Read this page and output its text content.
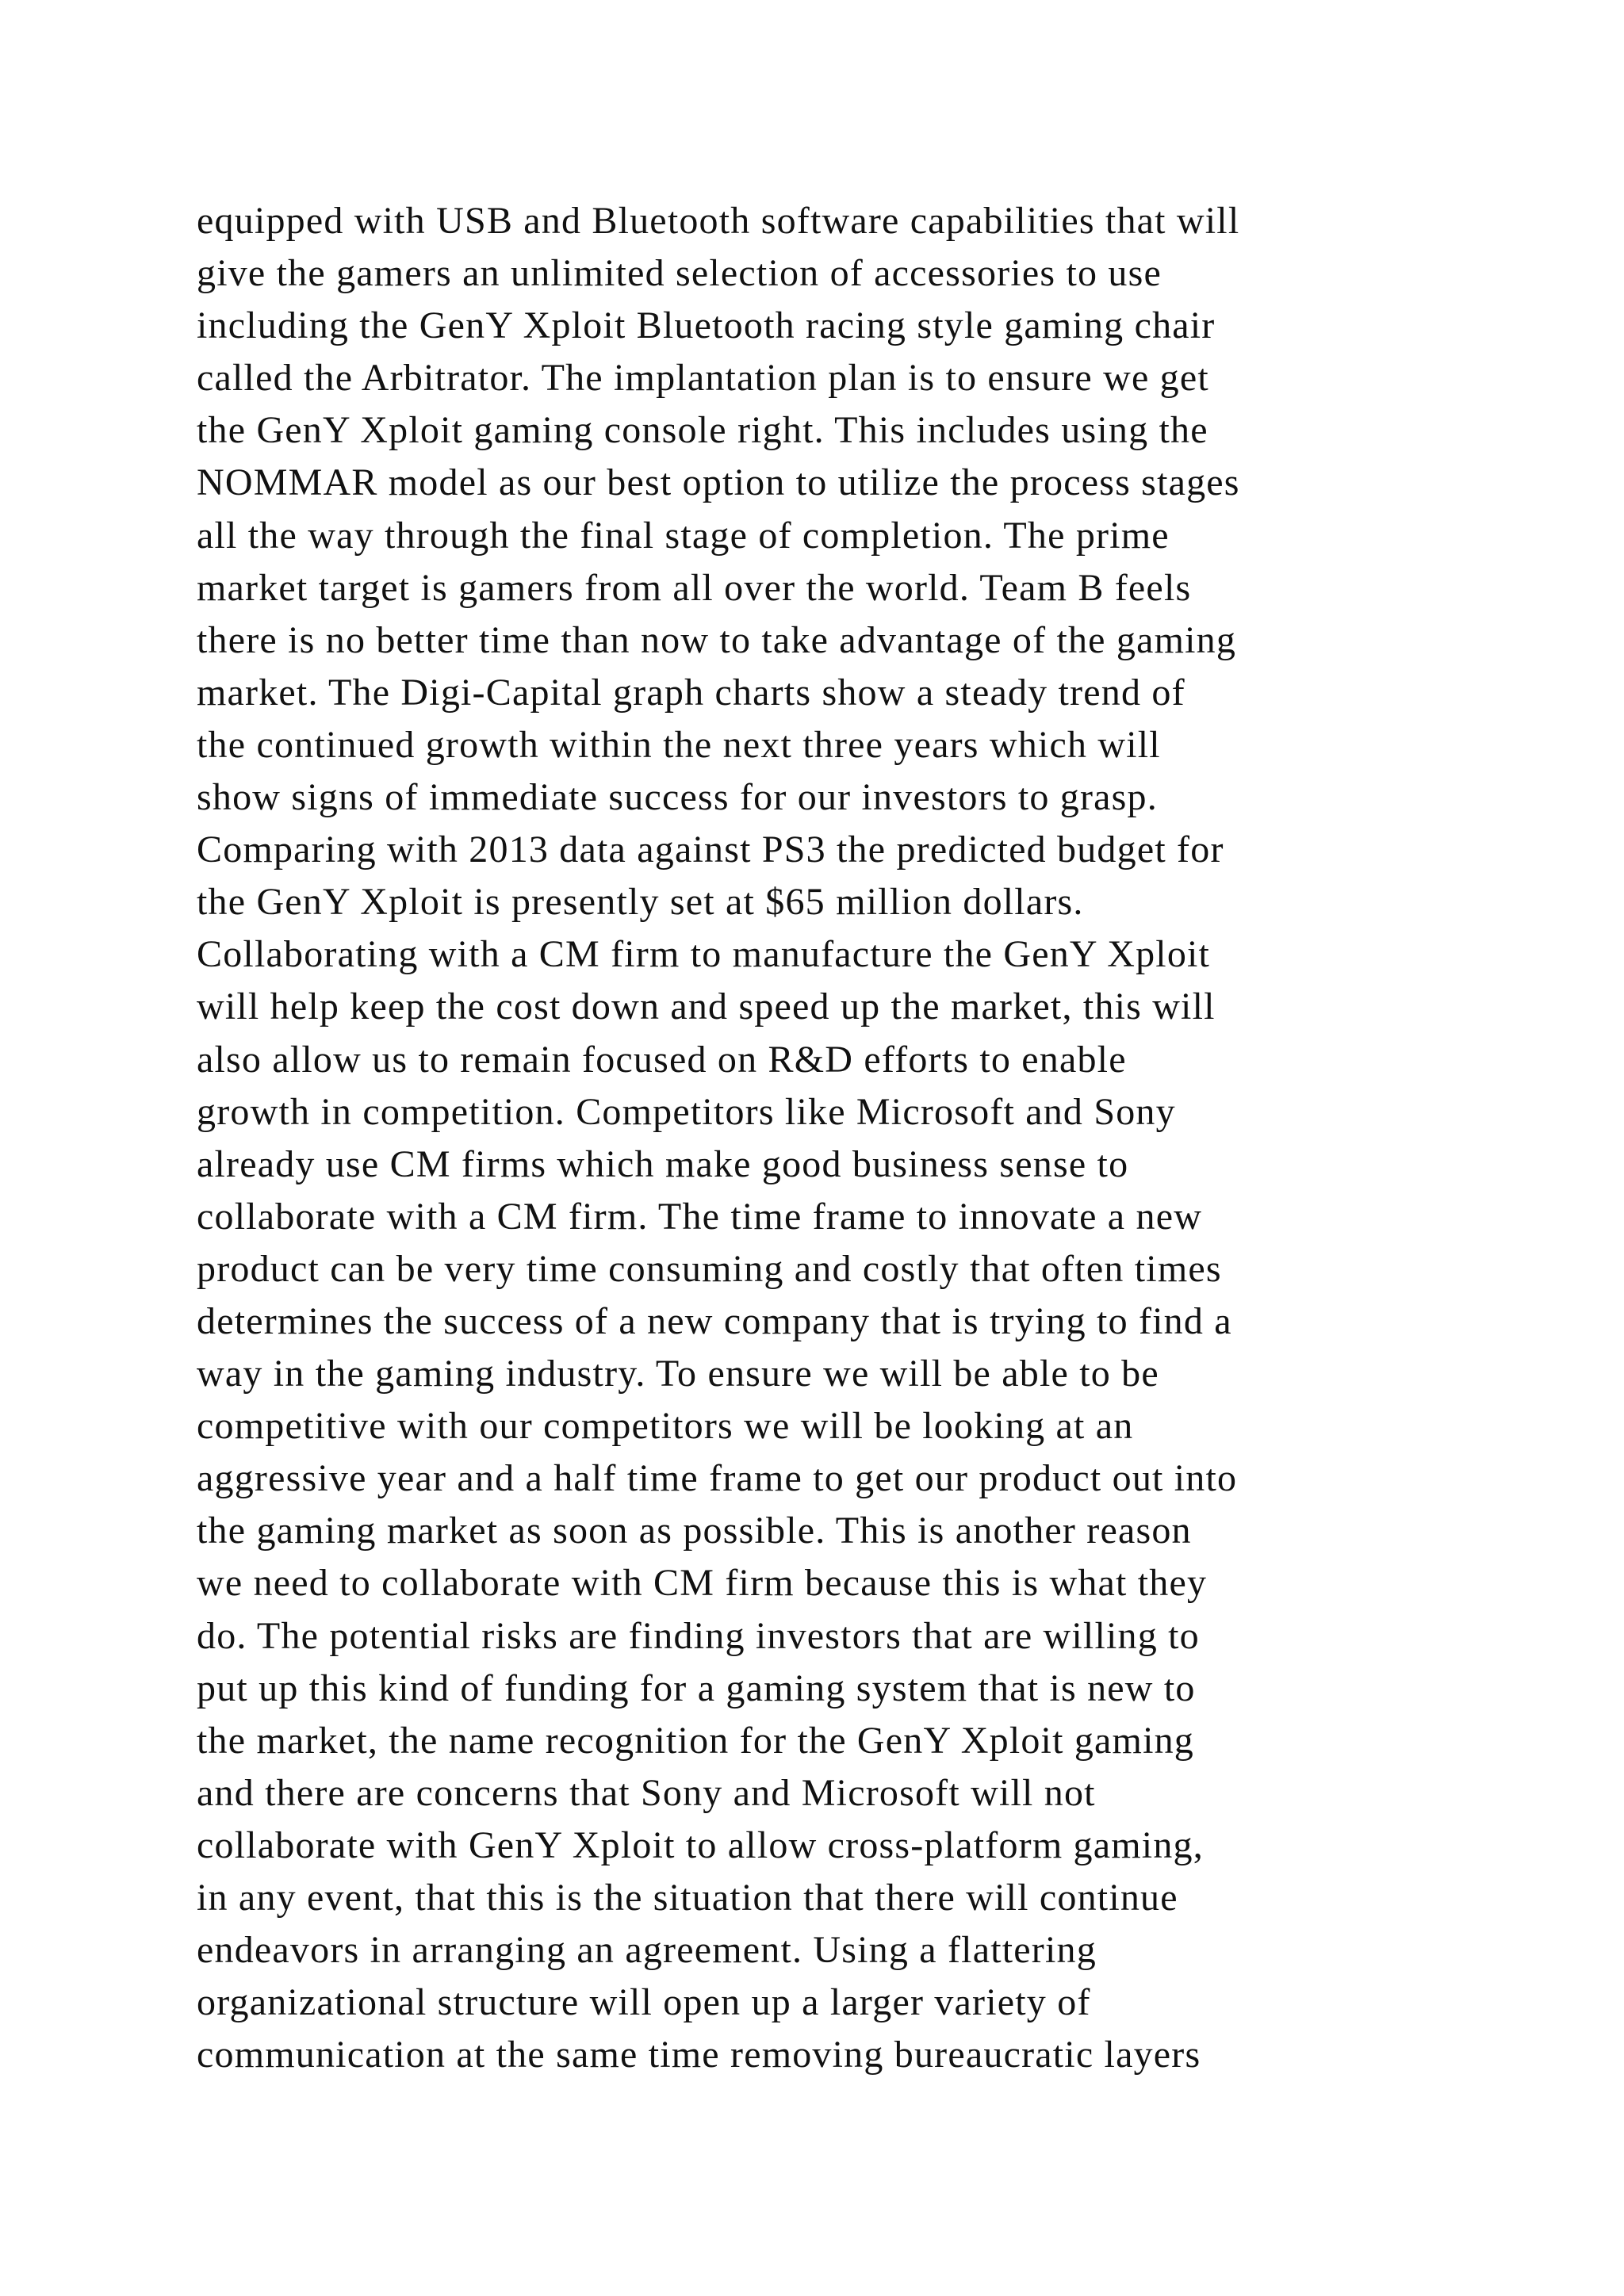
equipped with USB and Bluetooth software capabilities that will
give the gamers an unlimited selection of accessories to use
including the GenY Xploit Bluetooth racing style gaming chair
called the Arbitrator. The implantation plan is to ensure we get
the GenY Xploit gaming console right. This includes using the
NOMMAR model as our best option to utilize the process stages
all the way through the final stage of completion. The prime
market target is gamers from all over the world. Team B feels
there is no better time than now to take advantage of the gaming
market. The Digi-Capital graph charts show a steady trend of
the continued growth within the next three years which will
show signs of immediate success for our investors to grasp.
Comparing with 2013 data against PS3 the predicted budget for
the GenY Xploit is presently set at $65 million dollars.
Collaborating with a CM firm to manufacture the GenY Xploit
will help keep the cost down and speed up the market, this will
also allow us to remain focused on R&D efforts to enable
growth in competition. Competitors like Microsoft and Sony
already use CM firms which make good business sense to
collaborate with a CM firm. The time frame to innovate a new
product can be very time consuming and costly that often times
determines the success of a new company that is trying to find a
way in the gaming industry. To ensure we will be able to be
competitive with our competitors we will be looking at an
aggressive year and a half time frame to get our product out into
the gaming market as soon as possible. This is another reason
we need to collaborate with CM firm because this is what they
do. The potential risks are finding investors that are willing to
put up this kind of funding for a gaming system that is new to
the market, the name recognition for the GenY Xploit gaming
and there are concerns that Sony and Microsoft will not
collaborate with GenY Xploit to allow cross-platform gaming,
in any event, that this is the situation that there will continue
endeavors in arranging an agreement. Using a flattering
organizational structure will open up a larger variety of
communication at the same time removing bureaucratic layers
